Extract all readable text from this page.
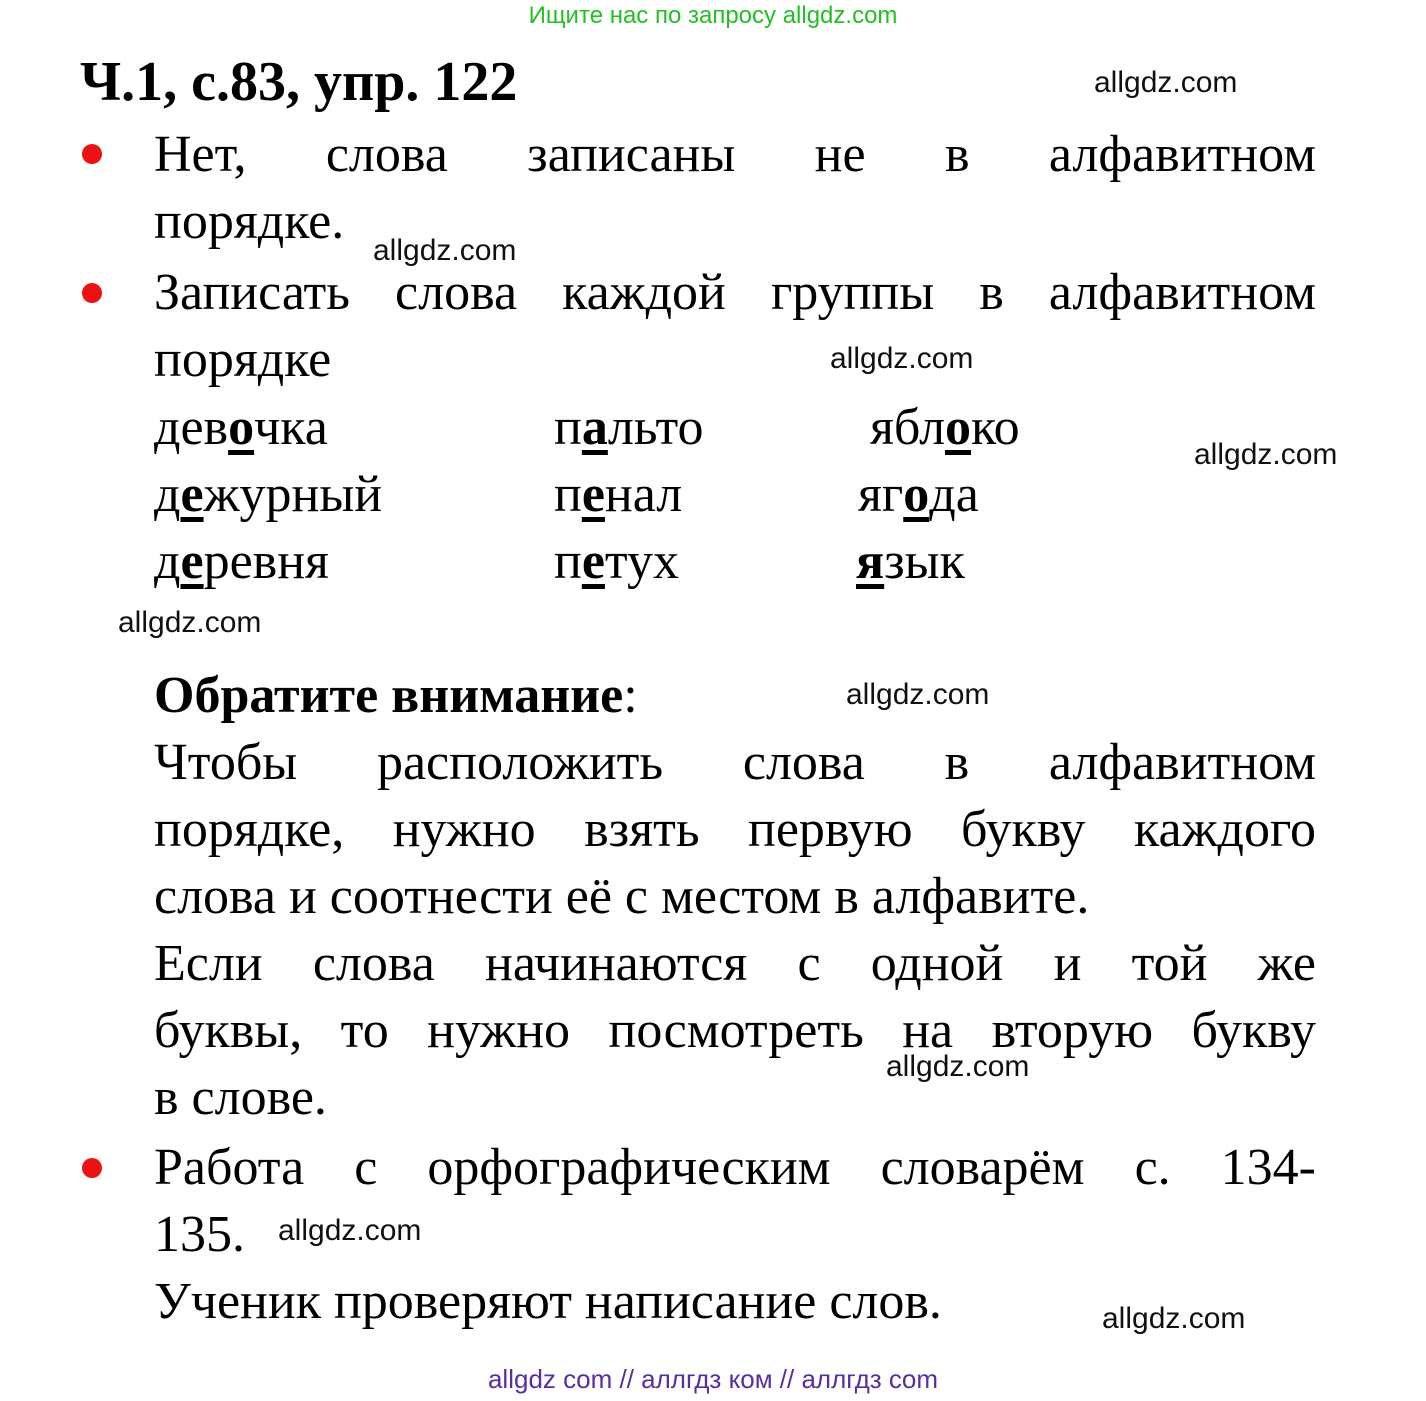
Ищите нас по запросу allgdz.com
Ч.1, с.83, упр. 122	allgdz.com
Нет, слова записаны не в алфавитном
порядке.
allgdz.com
Записать слова каждой группы в алфавитном
порядке	allgdz.com
девочка	пальто	яблоко	allgdz.com
дежурный	пенал	ягода
деревня	петух	язык
allgdz.com
Обратите внимание:	allgdz.com
Чтобы расположить слова в алфавитном
порядке, нужно взять первую букву каждого
слова и соотнести её с местом в алфавите.
Если слова начинаются с одной и той же
буквы, то нужно посмотреть на вторую букву
allgdz.com
в слове.
Работа с орфографическим словарём с. 134-
135. allgdz.com
Ученик проверяют написание слов.	allgdz.com
allgdz com // аллгдз ком // аллгдз com
